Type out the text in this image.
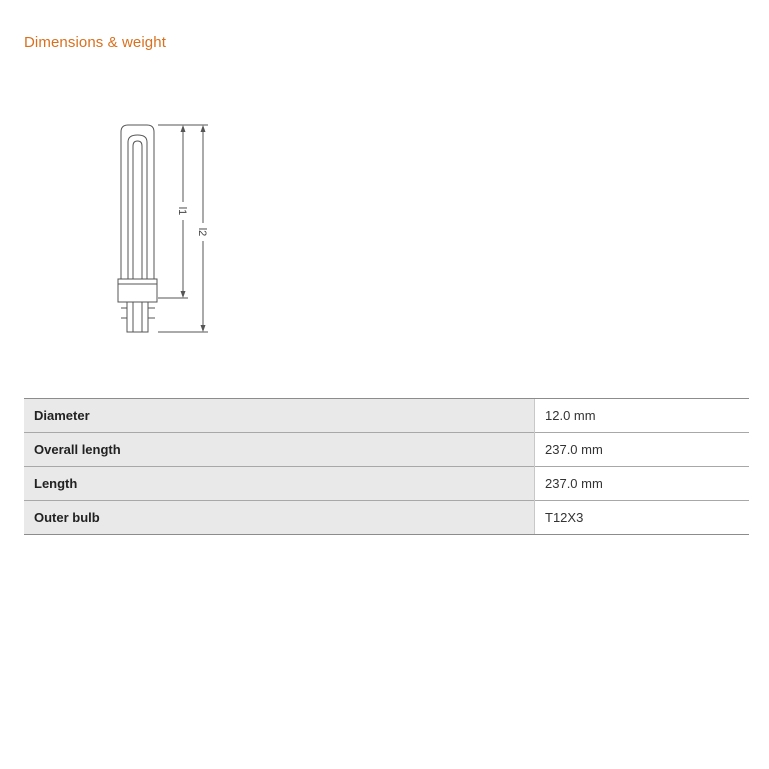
Dimensions & weight
l1
l2
Diameter	12.0 mm
Overall length	237.0 mm
Length	237.0 mm
Outer bulb	T12X3
